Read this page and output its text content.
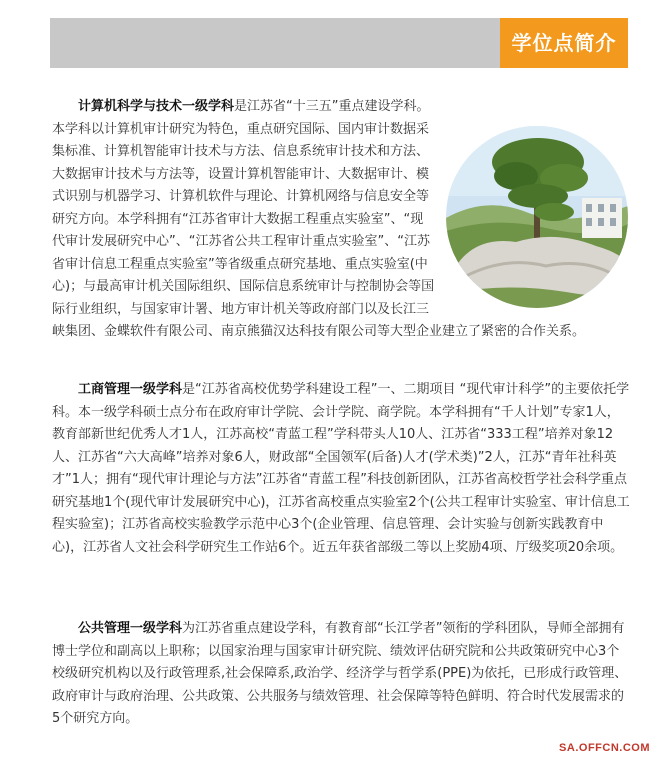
学位点简介
计算机科学与技术一级学科是江苏省“十三五”重点建设学科。本学科以计算机审计研究为特色，重点研究国际、国内审计数据采集标准、计算机智能审计技术与方法、信息系统审计技术和方法、大数据审计技术与方法等，设置计算机智能审计、大数据审计、模式识别与机器学习、计算机软件与理论、计算机网络与信息安全等研究方向。本学科拥有“江苏省审计大数据工程重点实验室”、“现代审计发展研究中心”、“江苏省公共工程审计重点实验室”、“江苏省审计信息工程重点实验室”等省级重点研究基地、重点实验室(中心)；与最高审计机关国际组织、国际信息系统审计与控制协会等国际行业组织，与国家审计署、地方审计机关等政府部门以及长江三峡集团、金蝶软件有限公司、南京熊猫汉达科技有限公司等大型企业建立了紧密的合作关系。
工商管理一级学科是“江苏省高校优势学科建设工程”一、二期项目 “现代审计科学”的主要依托学科。本一级学科硕士点分布在政府审计学院、会计学院、商学院。本学科拥有“千人计划”专家1人，教育部新世纪优秀人才1人，江苏高校“青蓝工程”学科带头人10人、江苏省“333工程”培养对象12人、江苏省“六大高峰”培养对象6人，财政部“全国领军(后备)人才(学术类)”2人，江苏“青年社科英才”1人；拥有“现代审计理论与方法”江苏省“青蓝工程”科技创新团队，江苏省高校哲学社会科学重点研究基地1个(现代审计发展研究中心)，江苏省高校重点实验室2个(公共工程审计实验室、审计信息工程实验室)；江苏省高校实验教学示范中心3个(企业管理、信息管理、会计实验与创新实践教育中心)，江苏省人文社会科学研究生工作站6个。近五年获省部级二等以上奖励4项、厅级奖项20余项。
公共管理一级学科为江苏省重点建设学科，有教育部“长江学者”领衔的学科团队，导师全部拥有博士学位和副高以上职称；以国家治理与国家审计研究院、绩效评估研究院和公共政策研究中心3个校级研究机构以及行政管理系,社会保障系,政治学、经济学与哲学系(PPE)为依托，已形成行政管理、政府审计与政府治理、公共政策、公共服务与绩效管理、社会保障等特色鲜明、符合时代发展需求的5个研究方向。
SA.OFFCN.COM
